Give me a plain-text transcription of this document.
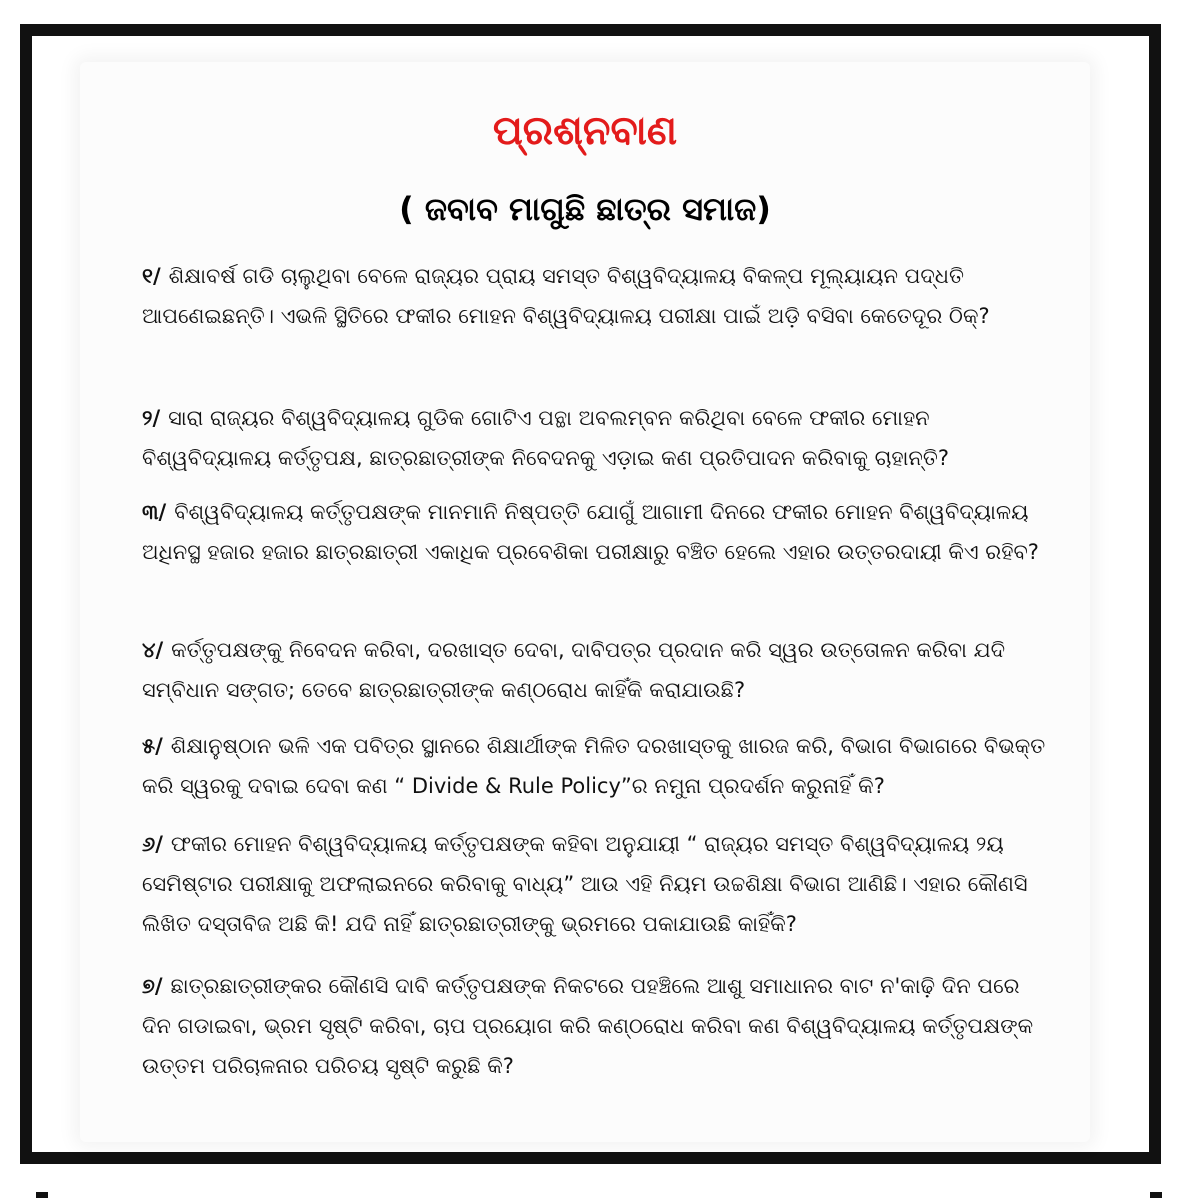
ପ୍ରଶ୍ନବାଣ
( ଜବାବ ମାଗୁଛି ଛାତ୍ର ସମାଜ)
୧/ ଶିକ୍ଷାବର୍ଷ ଗଡି ଚାଲୁଥିବା ବେଳେ ରାଜ୍ୟର ପ୍ରାୟ ସମସ୍ତ ବିଶ୍ୱବିଦ୍ୟାଳୟ ବିକଳ୍ପ ମୂଲ୍ୟାୟନ ପଦ୍ଧତି ଆପଣେଇଛନ୍ତି। ଏଭଳି ସ୍ଥିତିରେ ଫକୀର ମୋହନ ବିଶ୍ୱବିଦ୍ୟାଳୟ ପରୀକ୍ଷା ପାଇଁ ଅଡ଼ି ବସିବା କେତେଦୂର ଠିକ୍?
୨/ ସାରା ରାଜ୍ୟର ବିଶ୍ୱବିଦ୍ୟାଳୟ ଗୁଡିକ ଗୋଟିଏ ପନ୍ଥା ଅବଲମ୍ବନ କରିଥିବା ବେଳେ ଫକୀର ମୋହନ ବିଶ୍ୱବିଦ୍ୟାଳୟ କର୍ତ୍ତୃପକ୍ଷ, ଛାତ୍ରଛାତ୍ରୀଙ୍କ ନିବେଦନକୁ ଏଡ଼ାଇ କଣ ପ୍ରତିପାଦନ କରିବାକୁ ଚାହାନ୍ତି?
୩/ ବିଶ୍ୱବିଦ୍ୟାଳୟ କର୍ତ୍ତୃପକ୍ଷଙ୍କ ମାନମାନି ନିଷ୍ପତ୍ତି ଯୋଗୁଁ ଆଗାମୀ ଦିନରେ ଫକୀର ମୋହନ ବିଶ୍ୱବିଦ୍ୟାଳୟ ଅଧିନସ୍ଥ ହଜାର ହଜାର ଛାତ୍ରଛାତ୍ରୀ ଏକାଧିକ ପ୍ରବେଶିକା ପରୀକ୍ଷାରୁ ବଞ୍ଚିତ ହେଲେ ଏହାର ଉତ୍ତରଦାୟୀ କିଏ ରହିବ?
୪/ କର୍ତ୍ତୃପକ୍ଷଙ୍କୁ ନିବେଦନ କରିବା, ଦରଖାସ୍ତ ଦେବା, ଦାବିପତ୍ର ପ୍ରଦାନ କରି ସ୍ୱର ଉତ୍ତୋଳନ କରିବା ଯଦି ସମ୍ବିଧାନ ସଙ୍ଗତ; ତେବେ ଛାତ୍ରଛାତ୍ରୀଙ୍କ କଣ୍ଠରୋଧ କାହିଁକି କରାଯାଉଛି?
୫/ ଶିକ୍ଷାନୁଷ୍ଠାନ ଭଳି ଏକ ପବିତ୍ର ସ୍ଥାନରେ ଶିକ୍ଷାର୍ଥୀଙ୍କ ମିଳିତ ଦରଖାସ୍ତକୁ ଖାରଜ କରି, ବିଭାଗ ବିଭାଗରେ ବିଭକ୍ତ କରି ସ୍ୱରକୁ ଦବାଇ ଦେବା କଣ “ Divide & Rule Policy”ର ନମୁନା ପ୍ରଦର୍ଶନ କରୁନାହିଁ କି?
୬/ ଫକୀର ମୋହନ ବିଶ୍ୱବିଦ୍ୟାଳୟ କର୍ତ୍ତୃପକ୍ଷଙ୍କ କହିବା ଅନୁଯାୟୀ “ ରାଜ୍ୟର ସମସ୍ତ ବିଶ୍ୱବିଦ୍ୟାଳୟ ୨ୟ ସେମିଷ୍ଟାର ପରୀକ୍ଷାକୁ ଅଫଲାଇନରେ କରିବାକୁ ବାଧ୍ୟ” ଆଉ ଏହି ନିୟମ ଉଚ୍ଚଶିକ୍ଷା ବିଭାଗ ଆଣିଛି। ଏହାର କୌଣସି ଲିଖିତ ଦସ୍ତାବିଜ ଅଛି କି! ଯଦି ନାହିଁ ଛାତ୍ରଛାତ୍ରୀଙ୍କୁ ଭ୍ରମରେ ପକାଯାଉଛି କାହିଁକି?
୭/ ଛାତ୍ରଛାତ୍ରୀଙ୍କର କୌଣସି ଦାବି କର୍ତ୍ତୃପକ୍ଷଙ୍କ ନିକଟରେ ପହଞ୍ଚିଲେ ଆଶୁ ସମାଧାନର ବାଟ ନ'କାଢ଼ି ଦିନ ପରେ ଦିନ ଗଡାଇବା, ଭ୍ରମ ସୃଷ୍ଟି କରିବା, ଚାପ ପ୍ରୟୋଗ କରି କଣ୍ଠରୋଧ କରିବା କଣ ବିଶ୍ୱବିଦ୍ୟାଳୟ କର୍ତ୍ତୃପକ୍ଷଙ୍କ ଉତ୍ତମ ପରିଚାଳନାର ପରିଚୟ ସୃଷ୍ଟି କରୁଛି କି?
